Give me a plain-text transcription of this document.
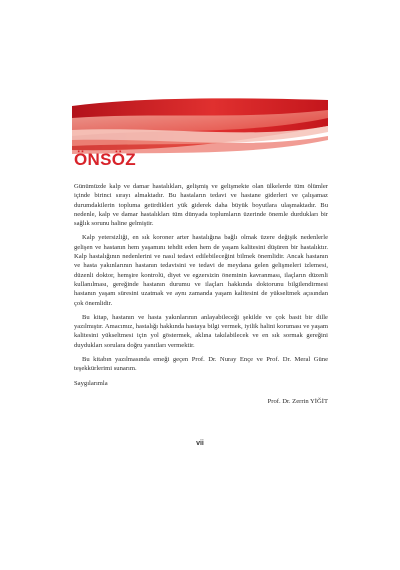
ÖNSÖZ

Günümüzde kalp ve damar hastalıkları, gelişmiş ve gelişmekte olan ülkelerde tüm ölümler içinde birinci sırayı almaktadır. Bu hastaların tedavi ve hastane giderleri ve çalışamaz durumdakilerin topluma getirdikleri yük giderek daha büyük boyutlara ulaşmaktadır. Bu nedenle, kalp ve damar hastalıkları tüm dünyada toplumların üzerinde önemle durdukları bir sağlık sorunu haline gelmiştir.

Kalp yetersizliği, en sık koroner arter hastalığına bağlı olmak üzere değişik nedenlerle gelişen ve hastanın hem yaşamını tehdit eden hem de yaşam kalitesini düşüren bir hastalıktır. Kalp hastalığının nedenlerini ve nasıl tedavi edilebileceğini bilmek önemlidir. Ancak hastanın ve hasta yakınlarının hastanın tedavisini ve tedavi de meydana gelen gelişmeleri izlemesi, düzenli doktor, hemşire kontrolü, diyet ve egzersizin öneminin kavranması, ilaçların düzenli kullanılması, gereğinde hastanın durumu ve ilaçları hakkında doktorunu bilgilendirmesi hastanın yaşam süresini uzatmak ve aynı zamanda yaşam kalitesini de yükseltmek açısından çok önemlidir.

Bu kitap, hastanın ve hasta yakınlarının anlayabileceği şekilde ve çok basit bir dille yazılmıştır. Amacımız, hastalığı hakkında hastaya bilgi vermek, iyilik halini koruması ve yaşam kalitesini yükseltmesi için yol göstermek, aklına takılabilecek ve en sık sormak gereğini duydukları sorulara doğru yanıtları vermektir.

Bu kitabın yazılmasında emeği geçen Prof. Dr. Nuray Ençe ve Prof. Dr. Meral Güne teşekkürlerimi sunarım.

Saygılarımla
Prof. Dr. Zerrin YİĞİT
vii
